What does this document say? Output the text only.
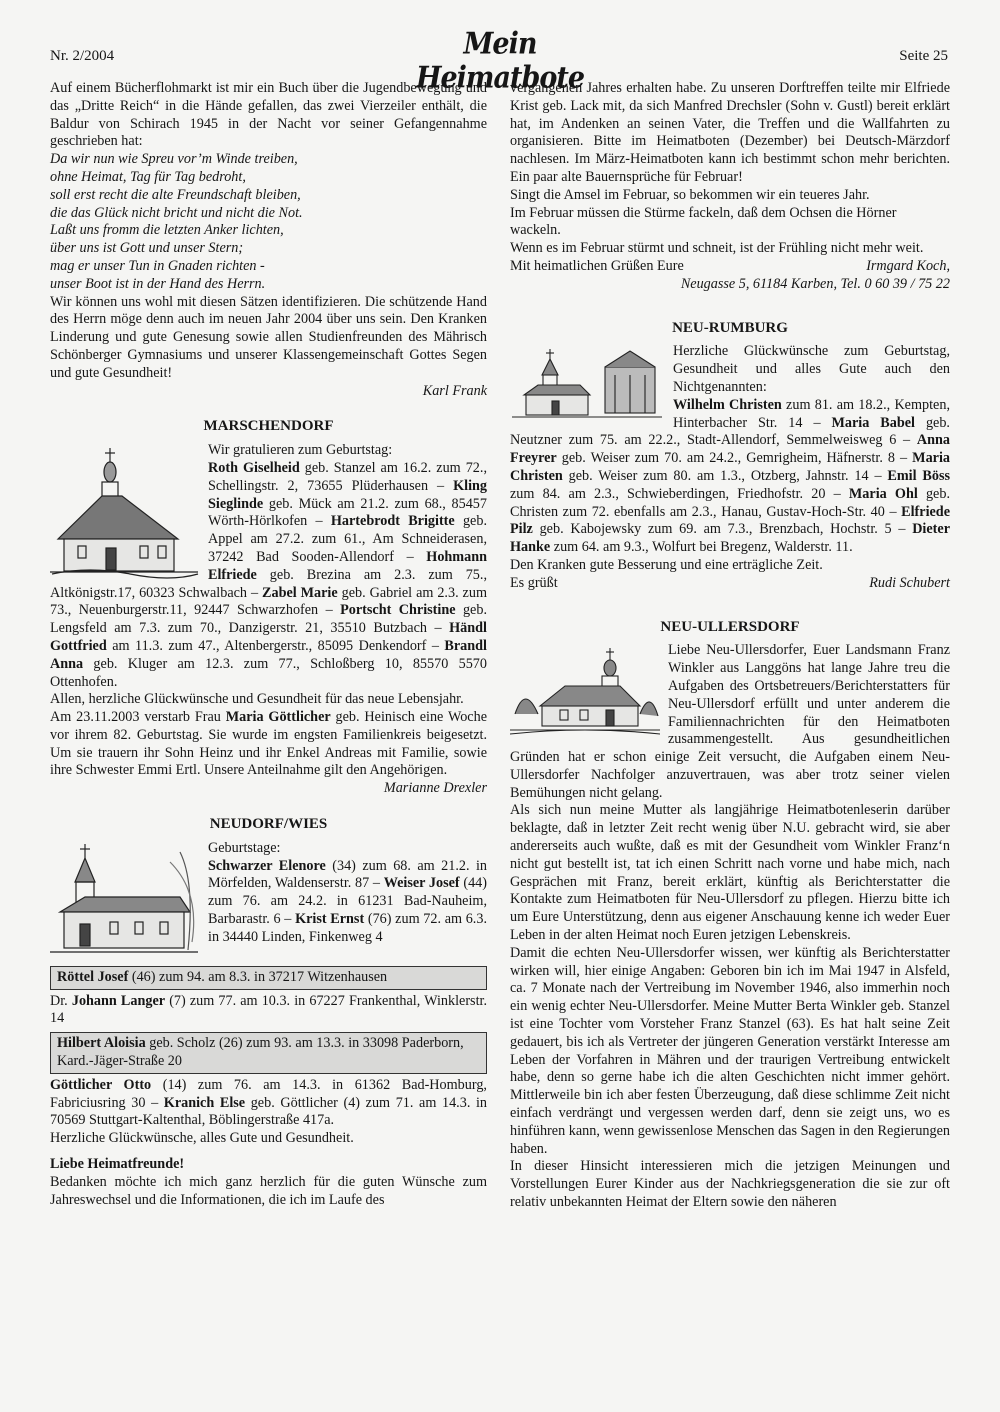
Nr. 2/2004	Mein Heimatbote
Seite 25

Auf einem Bücherflohmarkt ist mir ein Buch über die Jugendbewegung und das „Dritte Reich“ in die Hände gefallen, das zwei Vierzeiler enthält, die Baldur von Schirach 1945 in der Nacht vor seiner Gefangennahme geschrieben hat:

Da wir nun wie Spreu vor’m Winde treiben,

ohne Heimat, Tag für Tag bedroht,

soll erst recht die alte Freundschaft bleiben,

die das Glück nicht bricht und nicht die Not.

Laßt uns fromm die letzten Anker lichten,

über uns ist Gott und unser Stern;

mag er unser Tun in Gnaden richten -

unser Boot ist in der Hand des Herrn.

Wir können uns wohl mit diesen Sätzen identifizieren. Die schützende Hand des Herrn möge denn auch im neuen Jahr 2004 über uns sein. Den Kranken Linderung und gute Genesung sowie allen Studienfreunden des Mährisch Schönberger Gymnasiums und unserer Klassengemeinschaft Gottes Segen und gute Gesundheit!

Karl Frank

MARSCHENDORF

Wir gratulieren zum Geburtstag:
Roth Giselheid geb. Stanzel am 16.2. zum 72., Schellingstr. 2, 73655 Plüderhausen – Kling Sieglinde geb. Mück am 21.2. zum 68., 85457 Wörth-Hörlkofen – Hartebrodt Brigitte geb. Appel am 27.2. zum 61., Am Schneiderasen, 37242 Bad Sooden-Allendorf – Hohmann Elfriede geb. Brezina am 2.3. zum 75., Altkönigstr.17, 60323 Schwalbach – Zabel Marie geb. Gabriel am 2.3. zum 73., Neuenburgerstr.11, 92447 Schwarzhofen – Portscht Christine geb. Lengsfeld am 7.3. zum 70., Danzigerstr. 21, 35510 Butzbach – Händl Gottfried am 11.3. zum 47., Altenbergerstr., 85095 Denkendorf – Brandl Anna geb. Kluger am 12.3. zum 77., Schloßberg 10, 85570 5570 Ottenhofen.

Allen, herzliche Glückwünsche und Gesundheit für das neue Lebensjahr.

Am 23.11.2003 verstarb Frau Maria Göttlicher geb. Heinisch eine Woche vor ihrem 82. Geburtstag. Sie wurde im engsten Familienkreis beigesetzt. Um sie trauern ihr Sohn Heinz und ihr Enkel Andreas mit Familie, sowie ihre Schwester Emmi Ertl. Unsere Anteilnahme gilt den Angehörigen.

Marianne Drexler

NEUDORF/WIES

Geburtstage:
Schwarzer Elenore (34) zum 68. am 21.2. in Mörfelden, Waldenserstr. 87 – Weiser Josef (44) zum 76. am 24.2. in 61231 Bad-Nauheim, Barbarastr. 6 – Krist Ernst (76) zum 72. am 6.3. in 34440 Linden, Finkenweg 4

Röttel Josef (46) zum 94. am 8.3. in 37217 Witzenhausen

Dr. Johann Langer (7) zum 77. am 10.3. in 67227 Frankenthal, Winklerstr. 14

Hilbert Aloisia geb. Scholz (26) zum 93. am 13.3. in 33098 Paderborn, Kard.-Jäger-Straße 20

Göttlicher Otto (14) zum 76. am 14.3. in 61362 Bad-Homburg, Fabriciusring 30 – Kranich Else geb. Göttlicher (4) zum 71. am 14.3. in 70569 Stuttgart-Kaltenthal, Böblingerstraße 417a.

Herzliche Glückwünsche, alles Gute und Gesundheit.

Liebe Heimatfreunde!

Bedanken möchte ich mich ganz herzlich für die guten Wünsche zum Jahreswechsel und die Informationen, die ich im Laufe des

vergangenen Jahres erhalten habe. Zu unseren Dorftreffen teilte mir Elfriede Krist geb. Lack mit, da sich Manfred Drechsler (Sohn v. Gustl) bereit erklärt hat, im Andenken an seinen Vater, die Treffen und die Wallfahrten zu organisieren. Bitte im Heimatboten (Dezember) bei Deutsch-Märzdorf nachlesen. Im März-Heimatboten kann ich bestimmt schon mehr berichten. Ein paar alte Bauernsprüche für Februar!

Singt die Amsel im Februar, so bekommen wir ein teueres Jahr.

Im Februar müssen die Stürme fackeln, daß dem Ochsen die Hörner wackeln.

Wenn es im Februar stürmt und schneit, ist der Frühling nicht mehr weit.

Mit heimatlichen Grüßen Eure	Irmgard Koch,

Neugasse 5, 61184 Karben, Tel. 0 60 39 / 75 22

NEU-RUMBURG

Herzliche Glückwünsche zum Geburtstag, Gesundheit und alles Gute auch den Nichtgenannten:
Wilhelm Christen zum 81. am 18.2., Kempten, Hinterbacher Str. 14 – Maria Babel geb. Neutzner zum 75. am 22.2., Stadt-Allendorf, Semmelweisweg 6 – Anna Freyrer geb. Weiser zum 70. am 24.2., Gemrigheim, Häfnerstr. 8 – Maria Christen geb. Weiser zum 80. am 1.3., Otzberg, Jahnstr. 14 – Emil Böss zum 84. am 2.3., Schwieberdingen, Friedhofstr. 20 – Maria Ohl geb. Christen zum 72. ebenfalls am 2.3., Hanau, Gustav-Hoch-Str. 40 – Elfriede Pilz geb. Kabojewsky zum 69. am 7.3., Brenzbach, Hochstr. 5 – Dieter Hanke zum 64. am 9.3., Wolfurt bei Bregenz, Walderstr. 11.

Den Kranken gute Besserung und eine erträgliche Zeit.

Es grüßt	Rudi Schubert

NEU-ULLERSDORF

Liebe Neu-Ullersdorfer, Euer Landsmann Franz Winkler aus Langgöns hat lange Jahre treu die Aufgaben des Ortsbetreuers/Berichterstatters für Neu-Ullersdorf erfüllt und unter anderem die Familiennachrichten für den Heimatboten zusammengestellt. Aus gesundheitlichen Gründen hat er schon einige Zeit versucht, die Aufgaben einem Neu-Ullersdorfer Nachfolger anzuvertrauen, was aber trotz seiner vielen Bemühungen nicht gelang.

Als sich nun meine Mutter als langjährige Heimatbotenleserin darüber beklagte, daß in letzter Zeit recht wenig über N.U. gebracht wird, sie aber andererseits auch wußte, daß es mit der Gesundheit vom Winkler Franz‘n nicht gut bestellt ist, tat ich einen Schritt nach vorne und habe mich, nach Gesprächen mit Franz, bereit erklärt, künftig als Berichterstatter die Kontakte zum Heimatboten für Neu-Ullersdorf zu pflegen. Hierzu bitte ich um Eure Unterstützung, denn aus eigener Anschauung kenne ich weder Euer Leben in der alten Heimat noch Euren jetzigen Lebenskreis.

Damit die echten Neu-Ullersdorfer wissen, wer künftig als Berichterstatter wirken will, hier einige Angaben: Geboren bin ich im Mai 1947 in Alsfeld, ca. 7 Monate nach der Vertreibung im November 1946, also immerhin noch ein wenig echter Neu-Ullersdorfer. Meine Mutter Berta Winkler geb. Stanzel ist eine Tochter vom Vorsteher Franz Stanzel (63). Es hat halt seine Zeit gedauert, bis ich als Vertreter der jüngeren Generation verstärkt Interesse am Leben der Vorfahren in Mähren und der traurigen Vertreibung entwickelt habe, denn so gerne habe ich die alten Geschichten nicht immer gehört. Mittlerweile bin ich aber festen Überzeugung, daß diese schlimme Zeit nicht einfach verdrängt und vergessen werden darf, denn sie zeigt uns, wo es hinführen kann, wenn gewissenlose Menschen das Sagen in den Regierungen haben.

In dieser Hinsicht interessieren mich die jetzigen Meinungen und Vorstellungen Eurer Kinder aus der Nachkriegsgeneration die sie zur oft relativ unbekannten Heimat der Eltern sowie den näheren
